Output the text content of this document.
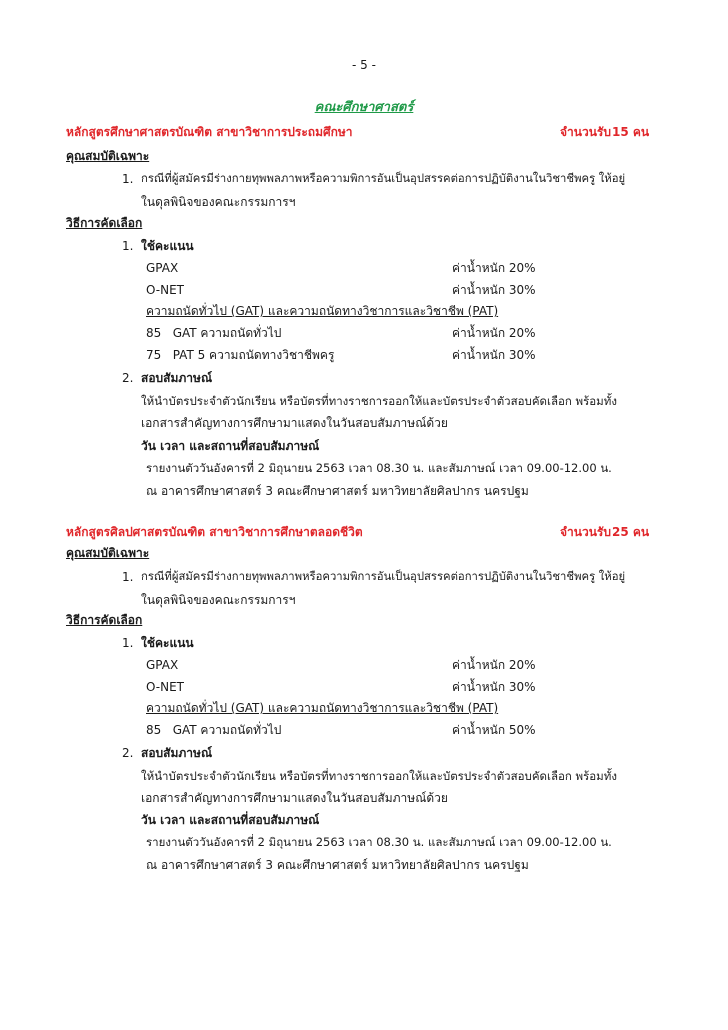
- 5 -
คณะศึกษาศาสตร์
หลักสูตรศึกษาศาสตรบัณฑิต สาขาวิชาการประถมศึกษา	จำนวนรับ 15 คน
คุณสมบัติเฉพาะ
1. กรณีที่ผู้สมัครมีร่างกายทุพพลภาพหรือความพิการอันเป็นอุปสรรคต่อการปฏิบัติงานในวิชาชีพครู ให้อยู่
ในดุลพินิจของคณะกรรมการฯ
วิธีการคัดเลือก
1. ใช้คะแนน
GPAX	ค่าน้ำหนัก 20%
O-NET	ค่าน้ำหนัก 30%
ความถนัดทั่วไป (GAT) และความถนัดทางวิชาการและวิชาชีพ (PAT)
85   GAT ความถนัดทั่วไป	ค่าน้ำหนัก 20%
75   PAT 5 ความถนัดทางวิชาชีพครู	ค่าน้ำหนัก 30%
2. สอบสัมภาษณ์
ให้นำบัตรประจำตัวนักเรียน หรือบัตรที่ทางราชการออกให้และบัตรประจำตัวสอบคัดเลือก พร้อมทั้ง
เอกสารสำคัญทางการศึกษามาแสดงในวันสอบสัมภาษณ์ด้วย
วัน เวลา และสถานที่สอบสัมภาษณ์
รายงานตัววันอังคารที่ 2 มิถุนายน 2563 เวลา 08.30 น. และสัมภาษณ์ เวลา 09.00-12.00 น.
ณ อาคารศึกษาศาสตร์ 3 คณะศึกษาศาสตร์ มหาวิทยาลัยศิลปากร นครปฐม
หลักสูตรศิลปศาสตรบัณฑิต สาขาวิชาการศึกษาตลอดชีวิต	จำนวนรับ 25 คน
คุณสมบัติเฉพาะ
1. กรณีที่ผู้สมัครมีร่างกายทุพพลภาพหรือความพิการอันเป็นอุปสรรคต่อการปฏิบัติงานในวิชาชีพครู ให้อยู่
ในดุลพินิจของคณะกรรมการฯ
วิธีการคัดเลือก
1. ใช้คะแนน
GPAX	ค่าน้ำหนัก 20%
O-NET	ค่าน้ำหนัก 30%
ความถนัดทั่วไป (GAT) และความถนัดทางวิชาการและวิชาชีพ (PAT)
85   GAT ความถนัดทั่วไป	ค่าน้ำหนัก 50%
2. สอบสัมภาษณ์
ให้นำบัตรประจำตัวนักเรียน หรือบัตรที่ทางราชการออกให้และบัตรประจำตัวสอบคัดเลือก พร้อมทั้ง
เอกสารสำคัญทางการศึกษามาแสดงในวันสอบสัมภาษณ์ด้วย
วัน เวลา และสถานที่สอบสัมภาษณ์
รายงานตัววันอังคารที่ 2 มิถุนายน 2563 เวลา 08.30 น. และสัมภาษณ์ เวลา 09.00-12.00 น.
ณ อาคารศึกษาศาสตร์ 3 คณะศึกษาศาสตร์ มหาวิทยาลัยศิลปากร นครปฐม
